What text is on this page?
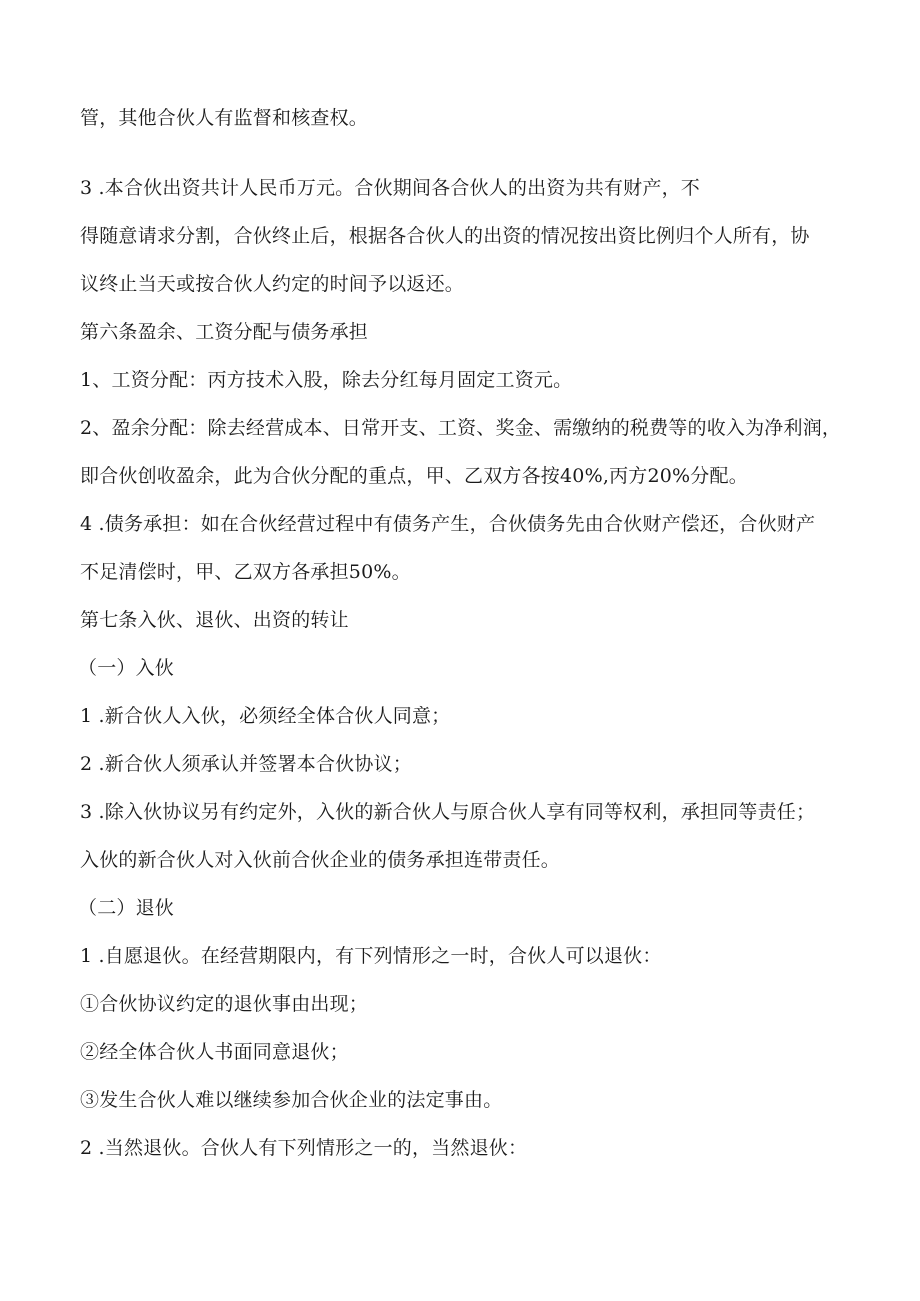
管，其他合伙人有监督和核查权。
3 .本合伙出资共计人民币万元。合伙期间各合伙人的出资为共有财产，不
得随意请求分割，合伙终止后，根据各合伙人的出资的情况按出资比例归个人所有，协
议终止当天或按合伙人约定的时间予以返还。
第六条盈余、工资分配与债务承担
1、工资分配：丙方技术入股，除去分红每月固定工资元。
2、盈余分配：除去经营成本、日常开支、工资、奖金、需缴纳的税费等的收入为净利润，
即合伙创收盈余，此为合伙分配的重点，甲、乙双方各按40%,丙方20%分配。
4 .债务承担：如在合伙经营过程中有债务产生，合伙债务先由合伙财产偿还，合伙财产
不足清偿时，甲、乙双方各承担50%。
第七条入伙、退伙、出资的转让
（一）入伙
1 .新合伙人入伙，必须经全体合伙人同意；
2 .新合伙人须承认并签署本合伙协议；
3 .除入伙协议另有约定外，入伙的新合伙人与原合伙人享有同等权利，承担同等责任；
入伙的新合伙人对入伙前合伙企业的债务承担连带责任。
（二）退伙
1 .自愿退伙。在经营期限内，有下列情形之一时，合伙人可以退伙：
①合伙协议约定的退伙事由出现；
②经全体合伙人书面同意退伙；
③发生合伙人难以继续参加合伙企业的法定事由。
2 .当然退伙。合伙人有下列情形之一的，当然退伙：
